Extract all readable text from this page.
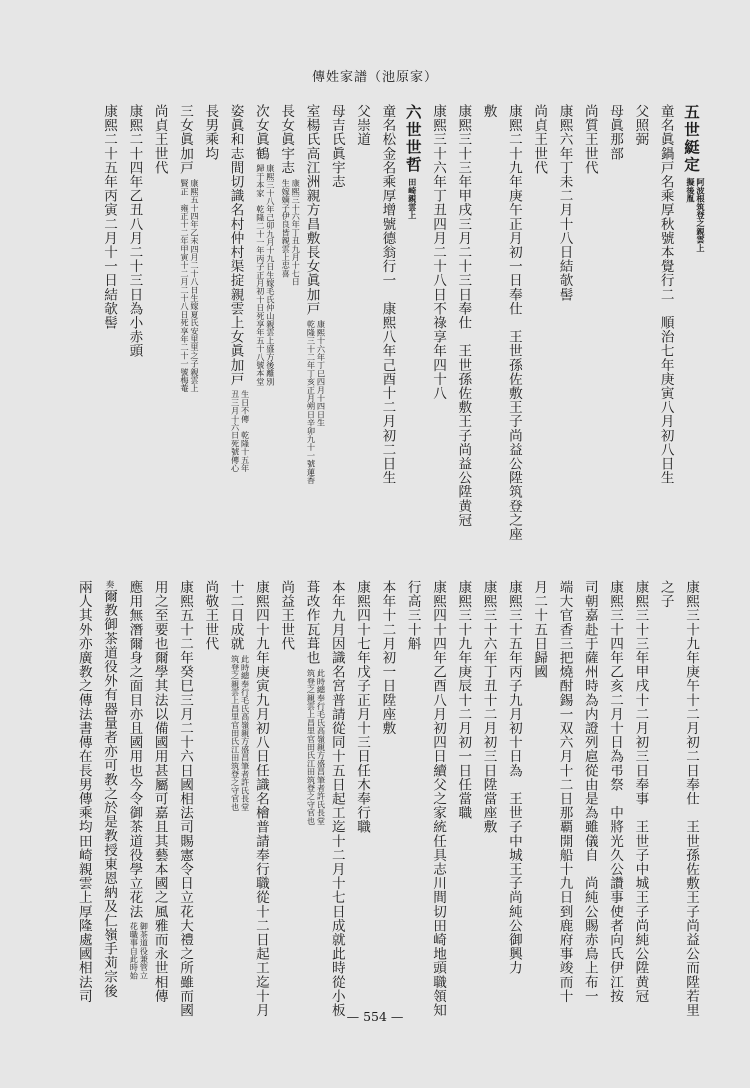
傳姓家譜（池原家）
五世綎定阿波根筑登之親雲上
擬後胤
童名眞鍋戸名乘厚秋號本覺行二　順治七年庚寅八月初八日生
父照弼
母眞那部
尚質王世代
康熙六年丁未二月十八日結欹髻
尚貞王世代
康熙二十九年庚午正月初一日奉仕　王世孫佐敷王子尚益公陞筑登之座
敷
康熙三十三年甲戌三月二十三日奉仕　王世孫佐敷王子尚益公陞黄冠
康熙三十六年丁丑四月二十八日不祿享年四十八
六世世哲田崎親雲上
童名松金名乘厚增號德翁行一　康熙八年己酉十二月初二日生
父崇道
母吉氏眞宇志
室楊氏高江洲親方昌敷長女眞加戸康熙十六年丁巳四月十四日生
乾隆三十二年丁亥正月朔日辛卯九十一號蓮香
長女眞宇志康熙三十六年丁丑九月十七日
生嫁嫡子伊良皆親雲上忠喜
次女眞鶴康熙三十八年己卯九月十九日生嫁毛氏仲山親雲上盛方後離別
歸于本家　乾隆二十一年丙子正月初十日死享年五十八號本堂
姿眞和志間切識名村仲村渠掟親雲上女眞加戸生日不傳　乾隆十五年
丑三月十六日死號傳心
長男乘均
三女眞加戸康熙五十四年乙未四月二十八日生嫁夏氏安里里之子親雲上
賢正　雍正十二年甲寅十二月二十八日死享年二十一號梅菴
尚貞王世代
康熙二十四年乙丑八月二十三日為小赤頭
康熙二十五年丙寅二月十一日結欹髻
康熙三十九年庚午十二月初二日奉仕　王世孫佐敷王子尚益公而陞若里
之子
康熙三十三年甲戌十二月初三日奉事　王世子中城王子尚純公陞黄冠
康熙三十四年乙亥二月十日為弔祭　中將光久公讚事使者向氏伊江按
司朝嘉赴于薩州時為内證列扈從由是為雖儀自　尚純公賜赤鳥上布一
端大官香三把燒酎錫一双六月十二日那覇開船十九日到鹿府事竣而十
月二十五日歸國
康熙三十五年丙子九月初十日為　王世子中城王子尚純公御興力
康熙三十六年丁丑十二月初三日陞當座敷
康熙三十九年庚辰十二月初一日任當職
康熙四十四年乙酉八月初四日續父之家統任具志川間切田崎地頭職領知
行高三十斛
本年十二月初一日陞座敷
康熙四十七年戊子正月十三日任木奉行職
本年九月因識名宮普請從同十五日起工迄十二月十七日成就此時從小板
葺改作瓦葺也此時總奉行毛氏高嶺親方盛昌筆者許氏長堂
筑登之親雲上昌里官田氏江田筑登之守官也
尚益王世代
康熙四十九年庚寅九月初八日任識名檜普請奉行職從十二日起工迄十月
十二日成就此時總奉行毛氏高嶺親方盛昌筆者許氏長堂
筑登之親雲上昌里官田氏江田筑登之守官也
尚敬王世代
康熙五十二年癸巳三月二十六日國相法司賜憲令日立花大禮之所雖而國
用之至要也爾學其法以備國用甚屬可嘉且其藝本國之風雅而永世相傳
應用無潛爾身之面目亦且國用也今令御茶道役學立花法御茶道役兼管立
花職事自此時始
奏爾教御茶道役外有器量者亦可教之於是教授東恩納及仁嶺手苅宗後
兩人其外亦廣教之傳法書傳在長男傳乘均田崎親雲上厚隆處國相法司
— 554 —
